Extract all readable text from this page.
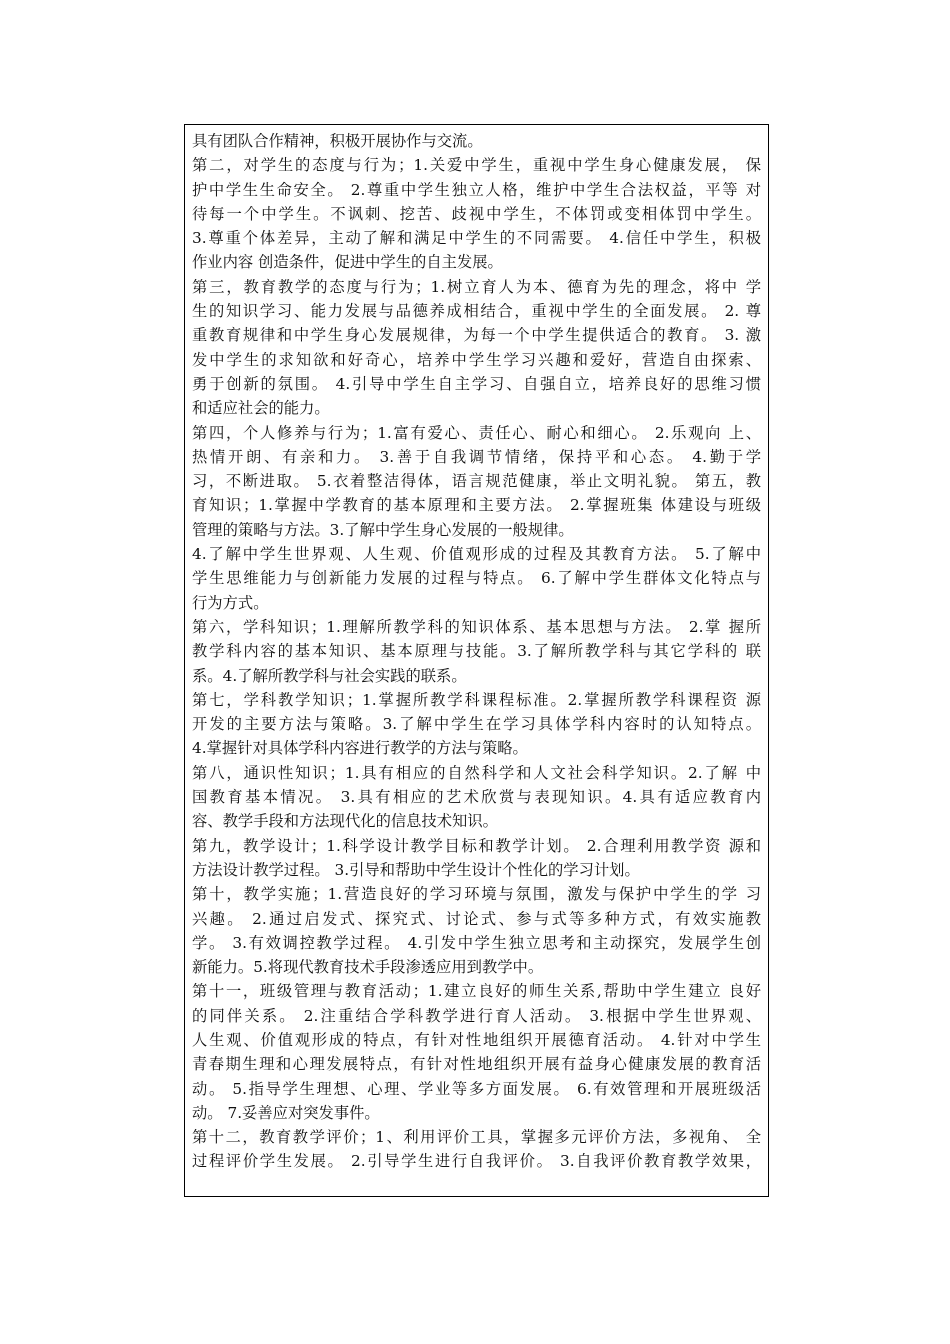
具有团队合作精神，积极开展协作与交流。
第二，对学生的态度与行为；1.关爱中学生，重视中学生身心健康发展， 保
护中学生生命安全。 2.尊重中学生独立人格，维护中学生合法权益，平等 对
待每一个中学生。不讽刺、挖苦、歧视中学生，不体罚或变相体罚中学生。
3.尊重个体差异，主动了解和满足中学生的不同需要。 4.信任中学生，积极
作业内容 创造条件，促进中学生的自主发展。
第三，教育教学的态度与行为；1.树立育人为本、德育为先的理念，将中 学
生的知识学习、能力发展与品德养成相结合，重视中学生的全面发展。 2. 尊
重教育规律和中学生身心发展规律，为每一个中学生提供适合的教育。 3. 激
发中学生的求知欲和好奇心，培养中学生学习兴趣和爱好，营造自由探索、
勇于创新的氛围。 4.引导中学生自主学习、自强自立，培养良好的思维习惯
和适应社会的能力。
第四，个人修养与行为；1.富有爱心、责任心、耐心和细心。 2.乐观向 上、
热情开朗、有亲和力。 3.善于自我调节情绪，保持平和心态。 4.勤于学
习，不断进取。 5.衣着整洁得体，语言规范健康，举止文明礼貌。 第五，教
育知识；1.掌握中学教育的基本原理和主要方法。 2.掌握班集 体建设与班级
管理的策略与方法。3.了解中学生身心发展的一般规律。
4.了解中学生世界观、人生观、价值观形成的过程及其教育方法。 5.了解中
学生思维能力与创新能力发展的过程与特点。 6.了解中学生群体文化特点与
行为方式。
第六，学科知识；1.理解所教学科的知识体系、基本思想与方法。 2.掌 握所
教学科内容的基本知识、基本原理与技能。3.了解所教学科与其它学科的 联
系。4.了解所教学科与社会实践的联系。
第七，学科教学知识；1.掌握所教学科课程标准。2.掌握所教学科课程资 源
开发的主要方法与策略。3.了解中学生在学习具体学科内容时的认知特点。
4.掌握针对具体学科内容进行教学的方法与策略。
第八，通识性知识；1.具有相应的自然科学和人文社会科学知识。2.了解 中
国教育基本情况。 3.具有相应的艺术欣赏与表现知识。4.具有适应教育内
容、教学手段和方法现代化的信息技术知识。
第九，教学设计；1.科学设计教学目标和教学计划。 2.合理利用教学资 源和
方法设计教学过程。 3.引导和帮助中学生设计个性化的学习计划。
第十，教学实施；1.营造良好的学习环境与氛围，激发与保护中学生的学 习
兴趣。 2.通过启发式、探究式、讨论式、参与式等多种方式，有效实施教
学。 3.有效调控教学过程。 4.引发中学生独立思考和主动探究，发展学生创
新能力。5.将现代教育技术手段渗透应用到教学中。
第十一，班级管理与教育活动；1.建立良好的师生关系,帮助中学生建立 良好
的同伴关系。 2.注重结合学科教学进行育人活动。 3.根据中学生世界观、
人生观、价值观形成的特点，有针对性地组织开展德育活动。 4.针对中学生
青春期生理和心理发展特点，有针对性地组织开展有益身心健康发展的教育活
动。 5.指导学生理想、心理、学业等多方面发展。 6.有效管理和开展班级活
动。 7.妥善应对突发事件。
第十二，教育教学评价；1、利用评价工具，掌握多元评价方法，多视角、 全
过程评价学生发展。 2.引导学生进行自我评价。 3.自我评价教育教学效果，
